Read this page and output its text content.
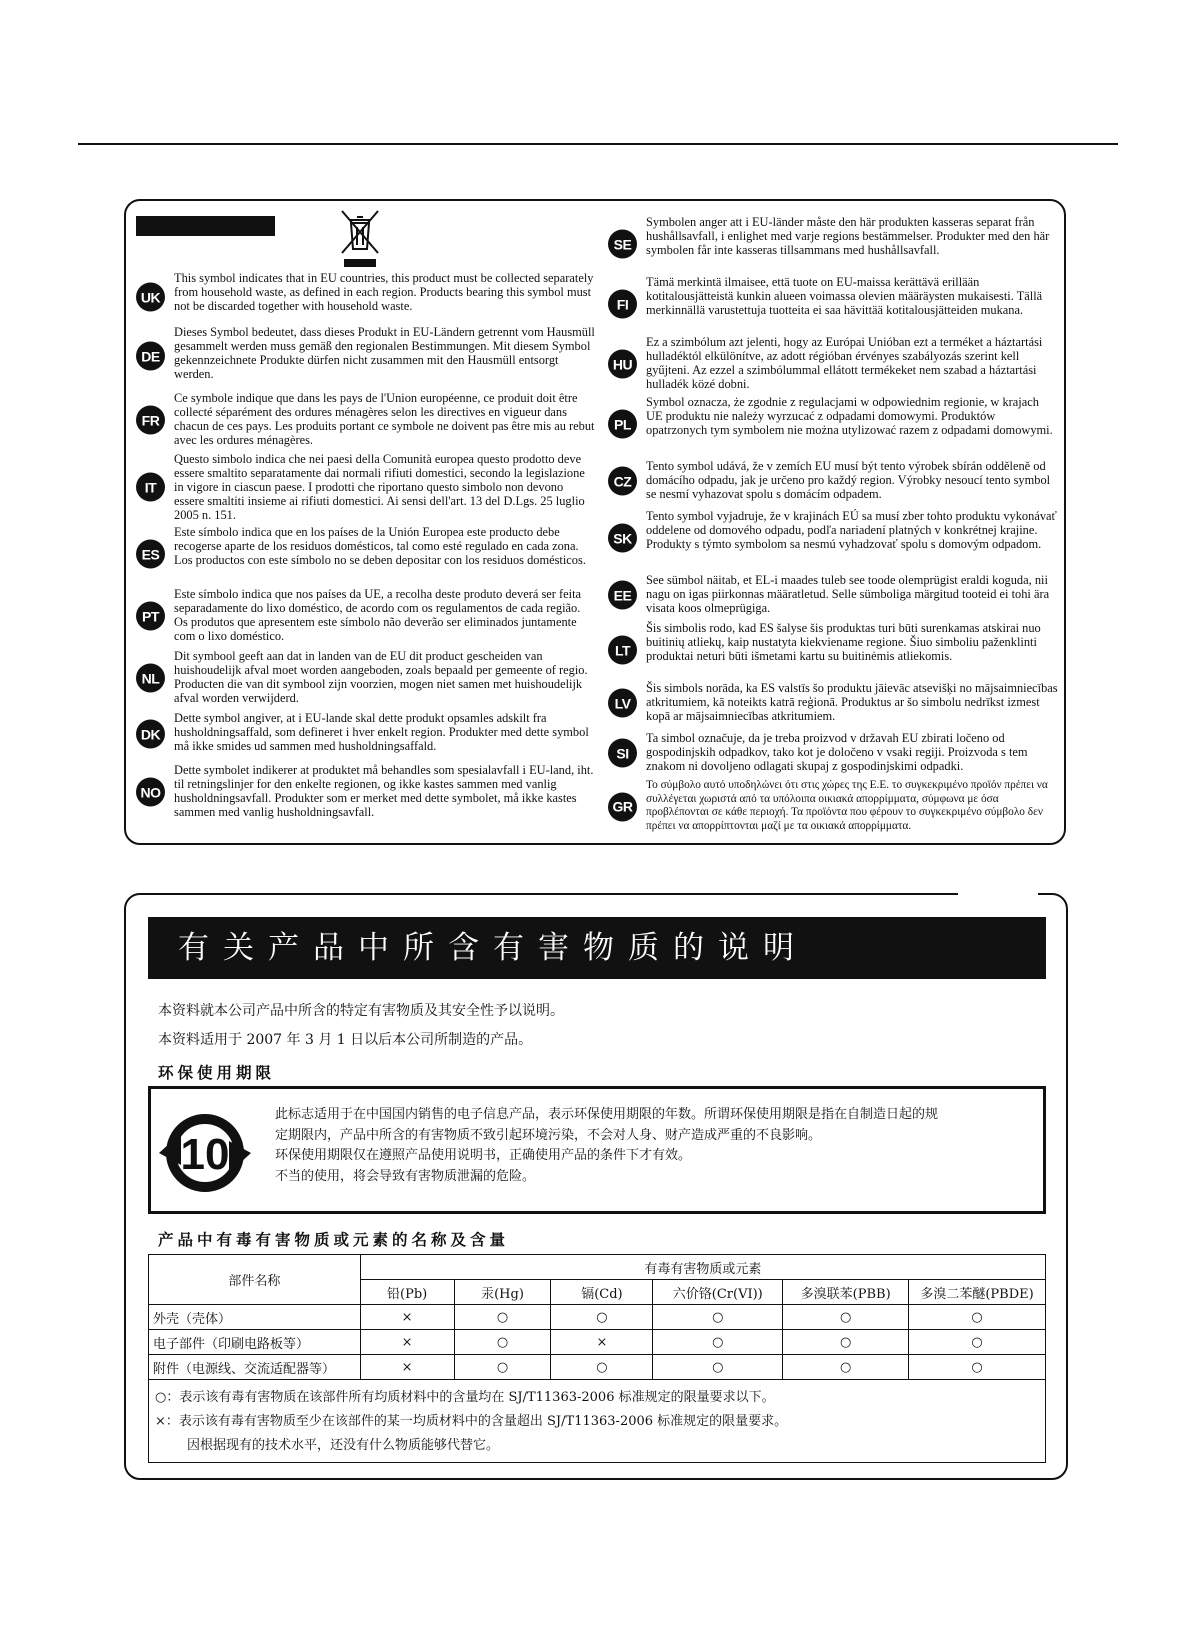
UK
This symbol indicates that in EU countries, this product must be collected separately from household waste, as defined in each region. Products bearing this symbol must not be discarded together with household waste.
DE
Dieses Symbol bedeutet, dass dieses Produkt in EU-Ländern getrennt vom Hausmüll gesammelt werden muss gemäß den regionalen Bestimmungen. Mit diesem Symbol gekennzeichnete Produkte dürfen nicht zusammen mit den Hausmüll entsorgt werden.
FR
Ce symbole indique que dans les pays de l'Union européenne, ce produit doit être collecté séparément des ordures ménagères selon les directives en vigueur dans chacun de ces pays. Les produits portant ce symbole ne doivent pas être mis au rebut avec les ordures ménagères.
IT
Questo simbolo indica che nei paesi della Comunità europea questo prodotto deve essere smaltito separatamente dai normali rifiuti domestici, secondo la legislazione in vigore in ciascun paese. I prodotti che riportano questo simbolo non devono essere smaltiti insieme ai rifiuti domestici. Ai sensi dell'art. 13 del D.Lgs. 25 luglio 2005 n. 151.
ES
Este símbolo indica que en los países de la Unión Europea este producto debe recogerse aparte de los residuos domésticos, tal como esté regulado en cada zona. Los productos con este símbolo no se deben depositar con los residuos domésticos.
PT
Este símbolo indica que nos países da UE, a recolha deste produto deverá ser feita separadamente do lixo doméstico, de acordo com os regulamentos de cada região. Os produtos que apresentem este símbolo não deverão ser eliminados juntamente com o lixo doméstico.
NL
Dit symbool geeft aan dat in landen van de EU dit product gescheiden van huishoudelijk afval moet worden aangeboden, zoals bepaald per gemeente of regio. Producten die van dit symbool zijn voorzien, mogen niet samen met huishoudelijk afval worden verwijderd.
DK
Dette symbol angiver, at i EU-lande skal dette produkt opsamles adskilt fra husholdningsaffald, som defineret i hver enkelt region. Produkter med dette symbol må ikke smides ud sammen med husholdningsaffald.
NO
Dette symbolet indikerer at produktet må behandles som spesialavfall i EU-land, iht. til retningslinjer for den enkelte regionen, og ikke kastes sammen med vanlig husholdningsavfall. Produkter som er merket med dette symbolet, må ikke kastes sammen med vanlig husholdningsavfall.
SE
Symbolen anger att i EU-länder måste den här produkten kasseras separat från hushållsavfall, i enlighet med varje regions bestämmelser. Produkter med den här symbolen får inte kasseras tillsammans med hushållsavfall.
FI
Tämä merkintä ilmaisee, että tuote on EU-maissa kerättävä erillään kotitalousjätteistä kunkin alueen voimassa olevien määräysten mukaisesti. Tällä merkinnällä varustettuja tuotteita ei saa hävittää kotitalousjätteiden mukana.
HU
Ez a szimbólum azt jelenti, hogy az Európai Unióban ezt a terméket a háztartási hulladéktól elkülönítve, az adott régióban érvényes szabályozás szerint kell gyűjteni. Az ezzel a szimbólummal ellátott termékeket nem szabad a háztartási hulladék közé dobni.
PL
Symbol oznacza, że zgodnie z regulacjami w odpowiednim regionie, w krajach UE produktu nie należy wyrzucać z odpadami domowymi. Produktów opatrzonych tym symbolem nie można utylizować razem z odpadami domowymi.
CZ
Tento symbol udává, že v zemích EU musí být tento výrobek sbírán odděleně od domácího odpadu, jak je určeno pro každý region. Výrobky nesoucí tento symbol se nesmí vyhazovat spolu s domácím odpadem.
SK
Tento symbol vyjadruje, že v krajinách EÚ sa musí zber tohto produktu vykonávať oddelene od domového odpadu, podľa nariadení platných v konkrétnej krajine. Produkty s týmto symbolom sa nesmú vyhadzovať spolu s domovým odpadom.
EE
See sümbol näitab, et EL-i maades tuleb see toode olemprügist eraldi koguda, nii nagu on igas piirkonnas määratletud. Selle sümboliga märgitud tooteid ei tohi ära visata koos olmeprügiga.
LT
Šis simbolis rodo, kad ES šalyse šis produktas turi būti surenkamas atskirai nuo buitinių atliekų, kaip nustatyta kiekviename regione. Šiuo simboliu paženklinti produktai neturi būti išmetami kartu su buitinėmis atliekomis.
LV
Šis simbols norāda, ka ES valstīs šo produktu jāievāc atsevišķi no mājsaimniecības atkritumiem, kā noteikts katrā reģionā. Produktus ar šo simbolu nedrīkst izmest kopā ar mājsaimniecības atkritumiem.
SI
Ta simbol označuje, da je treba proizvod v državah EU zbirati ločeno od gospodinjskih odpadkov, tako kot je določeno v vsaki regiji. Proizvoda s tem znakom ni dovoljeno odlagati skupaj z gospodinjskimi odpadki.
GR
Το σύμβολο αυτό υποδηλώνει ότι στις χώρες της Ε.Ε. το συγκεκριμένο προϊόν πρέπει να συλλέγεται χωριστά από τα υπόλοιπα οικιακά απορρίμματα, σύμφωνα με όσα προβλέπονται σε κάθε περιοχή. Τα προϊόντα που φέρουν το συγκεκριμένο σύμβολο δεν πρέπει να απορρίπτονται μαζί με τα οικιακά απορρίμματα.
有关产品中所含有害物质的说明
本资料就本公司产品中所含的特定有害物质及其安全性予以说明。
本资料适用于 2007 年 3 月 1 日以后本公司所制造的产品。
环保使用期限
10
此标志适用于在中国国内销售的电子信息产品，表示环保使用期限的年数。所谓环保使用期限是指在自制造日起的规
定期限内，产品中所含的有害物质不致引起环境污染，不会对人身、财产造成严重的不良影响。
环保使用期限仅在遵照产品使用说明书，正确使用产品的条件下才有效。
不当的使用，将会导致有害物质泄漏的危险。
产品中有毒有害物质或元素的名称及含量
部件名称	有毒有害物质或元素					
	铅(Pb)	汞(Hg)	镉(Cd)	六价铬(Cr(VI))	多溴联苯(PBB)	多溴二苯醚(PBDE)
外壳（壳体）	×	○	○	○	○	○
电子部件（印刷电路板等）	×	○	×	○	○	○
附件（电源线、交流适配器等）	×	○	○	○	○	○

○：表示该有毒有害物质在该部件所有均质材料中的含量均在 SJ/T11363-2006 标准规定的限量要求以下。
×：表示该有毒有害物质至少在该部件的某一均质材料中的含量超出 SJ/T11363-2006 标准规定的限量要求。
因根据现有的技术水平，还没有什么物质能够代替它。						
